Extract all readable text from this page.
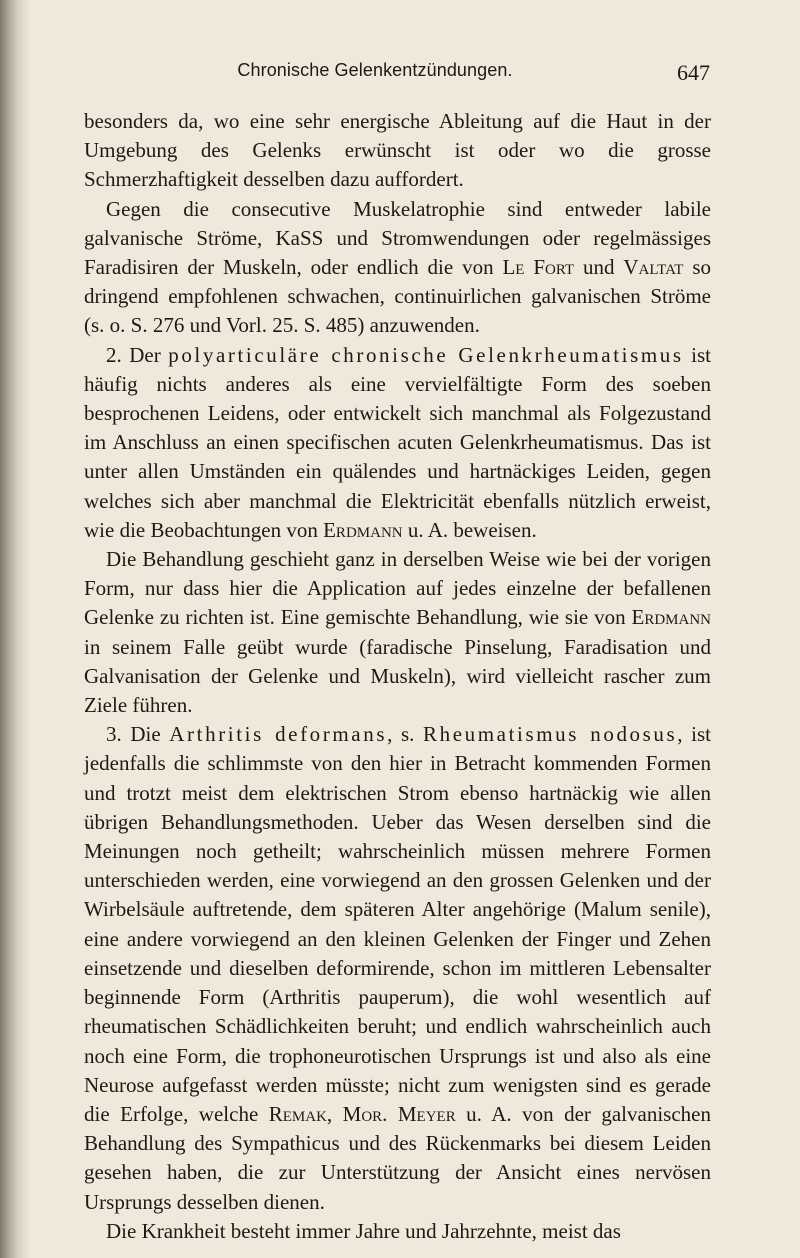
Chronische Gelenkentzündungen.	647

besonders da, wo eine sehr energische Ableitung auf die Haut in der Umgebung des Gelenks erwünscht ist oder wo die grosse Schmerzhaftigkeit desselben dazu auffordert.

Gegen die consecutive Muskelatrophie sind entweder labile galvanische Ströme, KaSS und Stromwendungen oder regelmässiges Faradisiren der Muskeln, oder endlich die von Le Fort und Valtat so dringend empfohlenen schwachen, continuirlichen galvanischen Ströme (s. o. S. 276 und Vorl. 25. S. 485) anzuwenden.

2. Der polyarticuläre chronische Gelenkrheumatismus ist häufig nichts anderes als eine vervielfältigte Form des soeben besprochenen Leidens, oder entwickelt sich manchmal als Folgezustand im Anschluss an einen specifischen acuten Gelenkrheumatismus. Das ist unter allen Umständen ein quälendes und hartnäckiges Leiden, gegen welches sich aber manchmal die Elektricität ebenfalls nützlich erweist, wie die Beobachtungen von Erdmann u. A. beweisen.

Die Behandlung geschieht ganz in derselben Weise wie bei der vorigen Form, nur dass hier die Application auf jedes einzelne der befallenen Gelenke zu richten ist. Eine gemischte Behandlung, wie sie von Erdmann in seinem Falle geübt wurde (faradische Pinselung, Faradisation und Galvanisation der Gelenke und Muskeln), wird vielleicht rascher zum Ziele führen.

3. Die Arthritis deformans, s. Rheumatismus nodosus, ist jedenfalls die schlimmste von den hier in Betracht kommenden Formen und trotzt meist dem elektrischen Strom ebenso hartnäckig wie allen übrigen Behandlungsmethoden. Ueber das Wesen derselben sind die Meinungen noch getheilt; wahrscheinlich müssen mehrere Formen unterschieden werden, eine vorwiegend an den grossen Gelenken und der Wirbelsäule auftretende, dem späteren Alter angehörige (Malum senile), eine andere vorwiegend an den kleinen Gelenken der Finger und Zehen einsetzende und dieselben deformirende, schon im mittleren Lebensalter beginnende Form (Arthritis pauperum), die wohl wesentlich auf rheumatischen Schädlichkeiten beruht; und endlich wahrscheinlich auch noch eine Form, die trophoneurotischen Ursprungs ist und also als eine Neurose aufgefasst werden müsste; nicht zum wenigsten sind es gerade die Erfolge, welche Remak, Mor. Meyer u. A. von der galvanischen Behandlung des Sympathicus und des Rückenmarks bei diesem Leiden gesehen haben, die zur Unterstützung der Ansicht eines nervösen Ursprungs desselben dienen.

Die Krankheit besteht immer Jahre und Jahrzehnte, meist das
